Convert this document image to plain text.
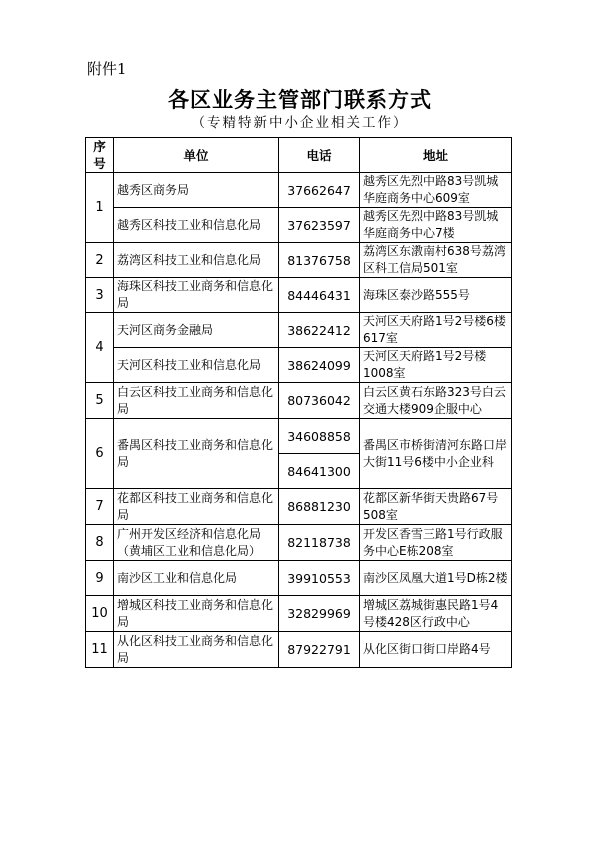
附件1
各区业务主管部门联系方式
（专精特新中小企业相关工作）
序号	单位	电话	地址
1	越秀区商务局	37662647	越秀区先烈中路83号凯城华庭商务中心609室
	越秀区科技工业和信息化局	37623597	越秀区先烈中路83号凯城华庭商务中心7楼
2	荔湾区科技工业和信息化局	81376758	荔湾区东漖南村638号荔湾区科工信局501室
3	海珠区科技工业商务和信息化局	84446431	海珠区泰沙路555号
4	天河区商务金融局	38622412	天河区天府路1号2号楼6楼617室
	天河区科技工业和信息化局	38624099	天河区天府路1号2号楼1008室
5	白云区科技工业商务和信息化局	80736042	白云区黄石东路323号白云交通大楼909企服中心
6	番禺区科技工业商务和信息化局	34608858	番禺区市桥街清河东路口岸大街11号6楼中小企业科
		84641300	
7	花都区科技工业商务和信息化局	86881230	花都区新华街天贵路67号508室
8	广州开发区经济和信息化局（黄埔区工业和信息化局）	82118738	开发区香雪三路1号行政服务中心E栋208室
9	南沙区工业和信息化局	39910553	南沙区凤凰大道1号D栋2楼
10	增城区科技工业商务和信息化局	32829969	增城区荔城街惠民路1号4号楼428区行政中心
11	从化区科技工业商务和信息化局	87922791	从化区街口街口岸路4号
